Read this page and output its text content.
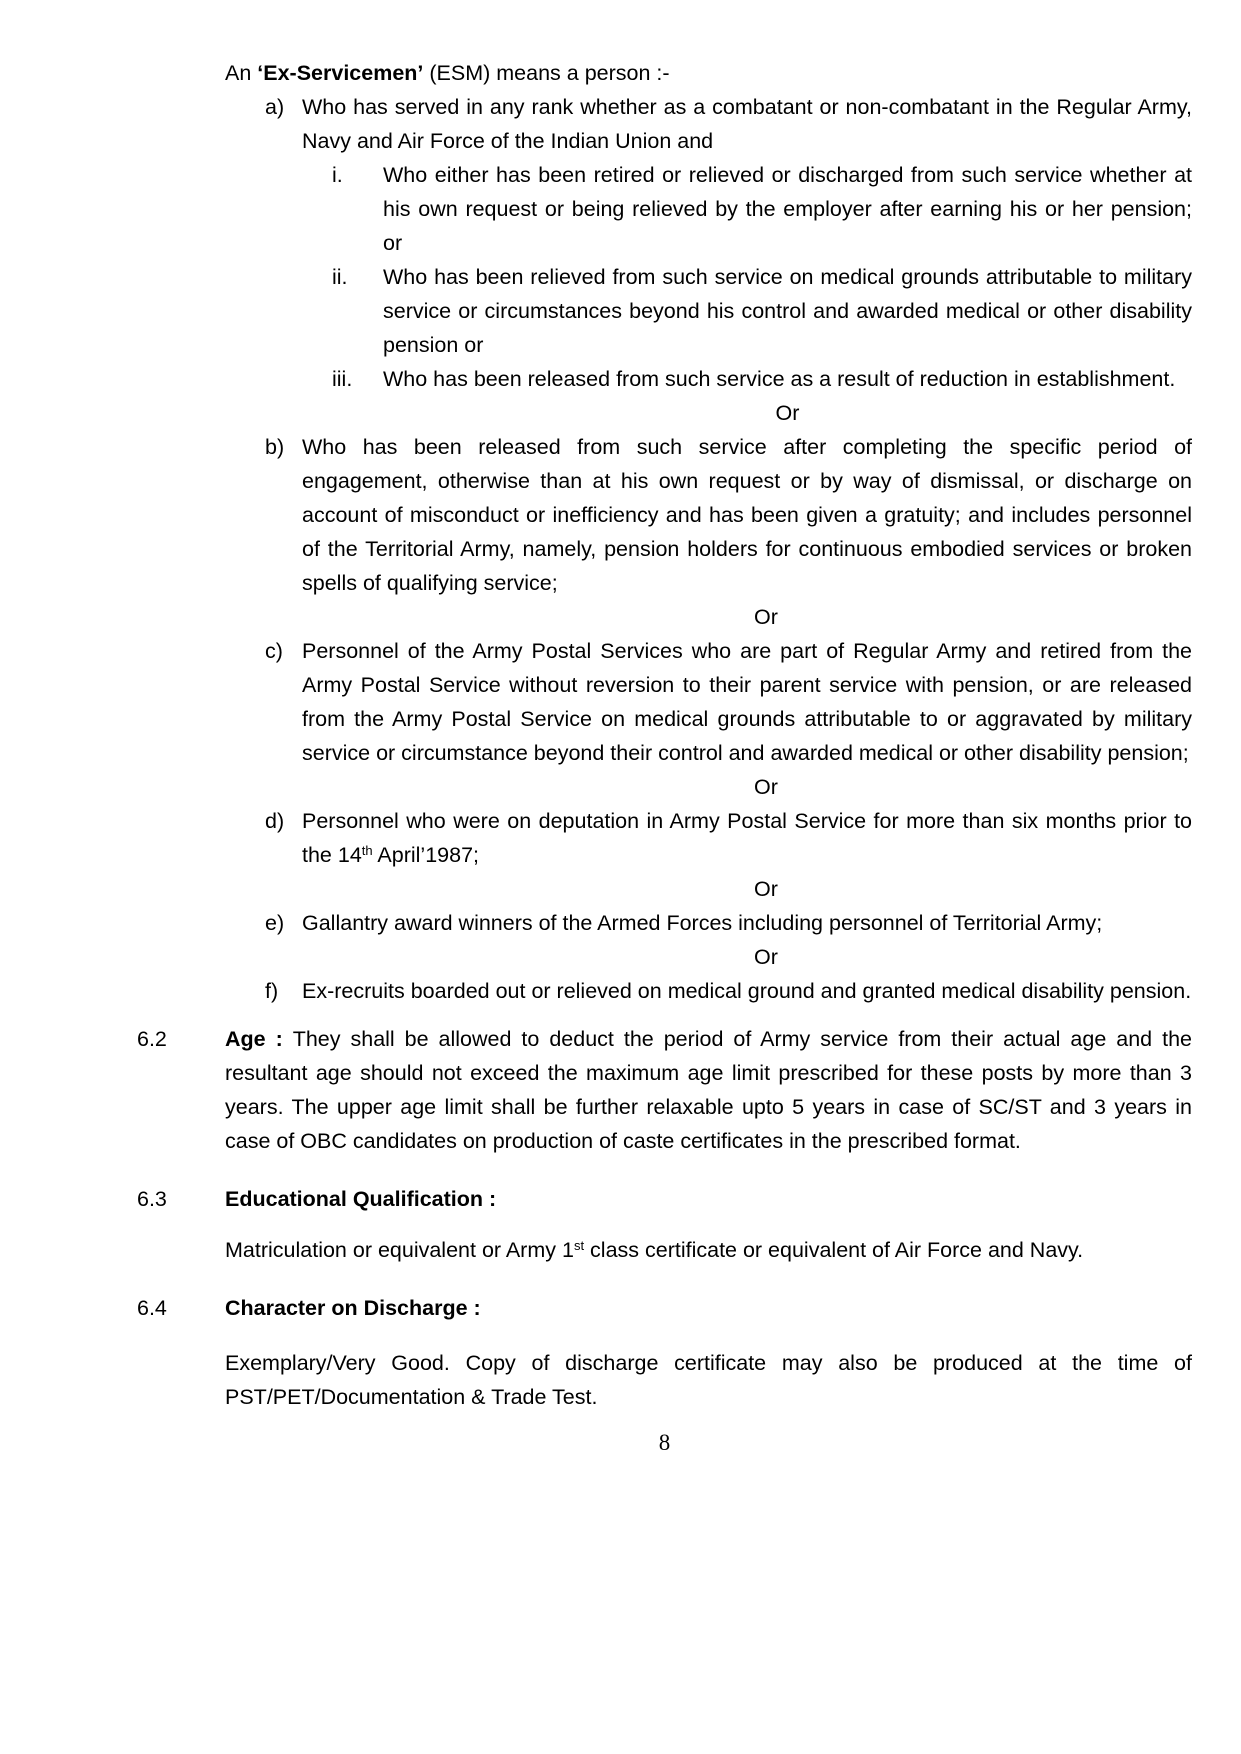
An ‘Ex-Servicemen’ (ESM) means a person :-

a) Who has served in any rank whether as a combatant or non-combatant in the Regular Army, Navy and Air Force of the Indian Union and
i.	Who either has been retired or relieved or discharged from such service whether at his own request or being relieved by the employer after earning his or her pension; or
ii.	Who has been relieved from such service on medical grounds attributable to military service or circumstances beyond his control and awarded medical or other disability pension or
iii.	Who has been released from such service as a result of reduction in establishment.

Or

b) Who has been released from such service after completing the specific period of engagement, otherwise than at his own request or by way of dismissal, or discharge on account of misconduct or inefficiency and has been given a gratuity; and includes personnel of the Territorial Army, namely, pension holders for continuous embodied services or broken spells of qualifying service;

Or

c) Personnel of the Army Postal Services who are part of Regular Army and retired from the Army Postal Service without reversion to their parent service with pension, or are released from the Army Postal Service on medical grounds attributable to or aggravated by military service or circumstance beyond their control and awarded medical or other disability pension;

Or

d) Personnel who were on deputation in Army Postal Service for more than six months prior to the 14th April’1987;

Or

e) Gallantry award winners of the Armed Forces including personnel of Territorial Army;

Or

f)	Ex-recruits boarded out or relieved on medical ground and granted medical disability pension.
6.2	Age : They shall be allowed to deduct the period of Army service from their actual age and the resultant age should not exceed the maximum age limit prescribed for these posts by more than 3 years. The upper age limit shall be further relaxable upto 5 years in case of SC/ST and 3 years in case of OBC candidates on production of caste certificates in the prescribed format.
6.3	Educational Qualification :

Matriculation or equivalent or Army 1st class certificate or equivalent of Air Force and Navy.

6.4	Character on Discharge :

Exemplary/Very Good. Copy of discharge certificate may also be produced at the time of PST/PET/Documentation & Trade Test.

8
